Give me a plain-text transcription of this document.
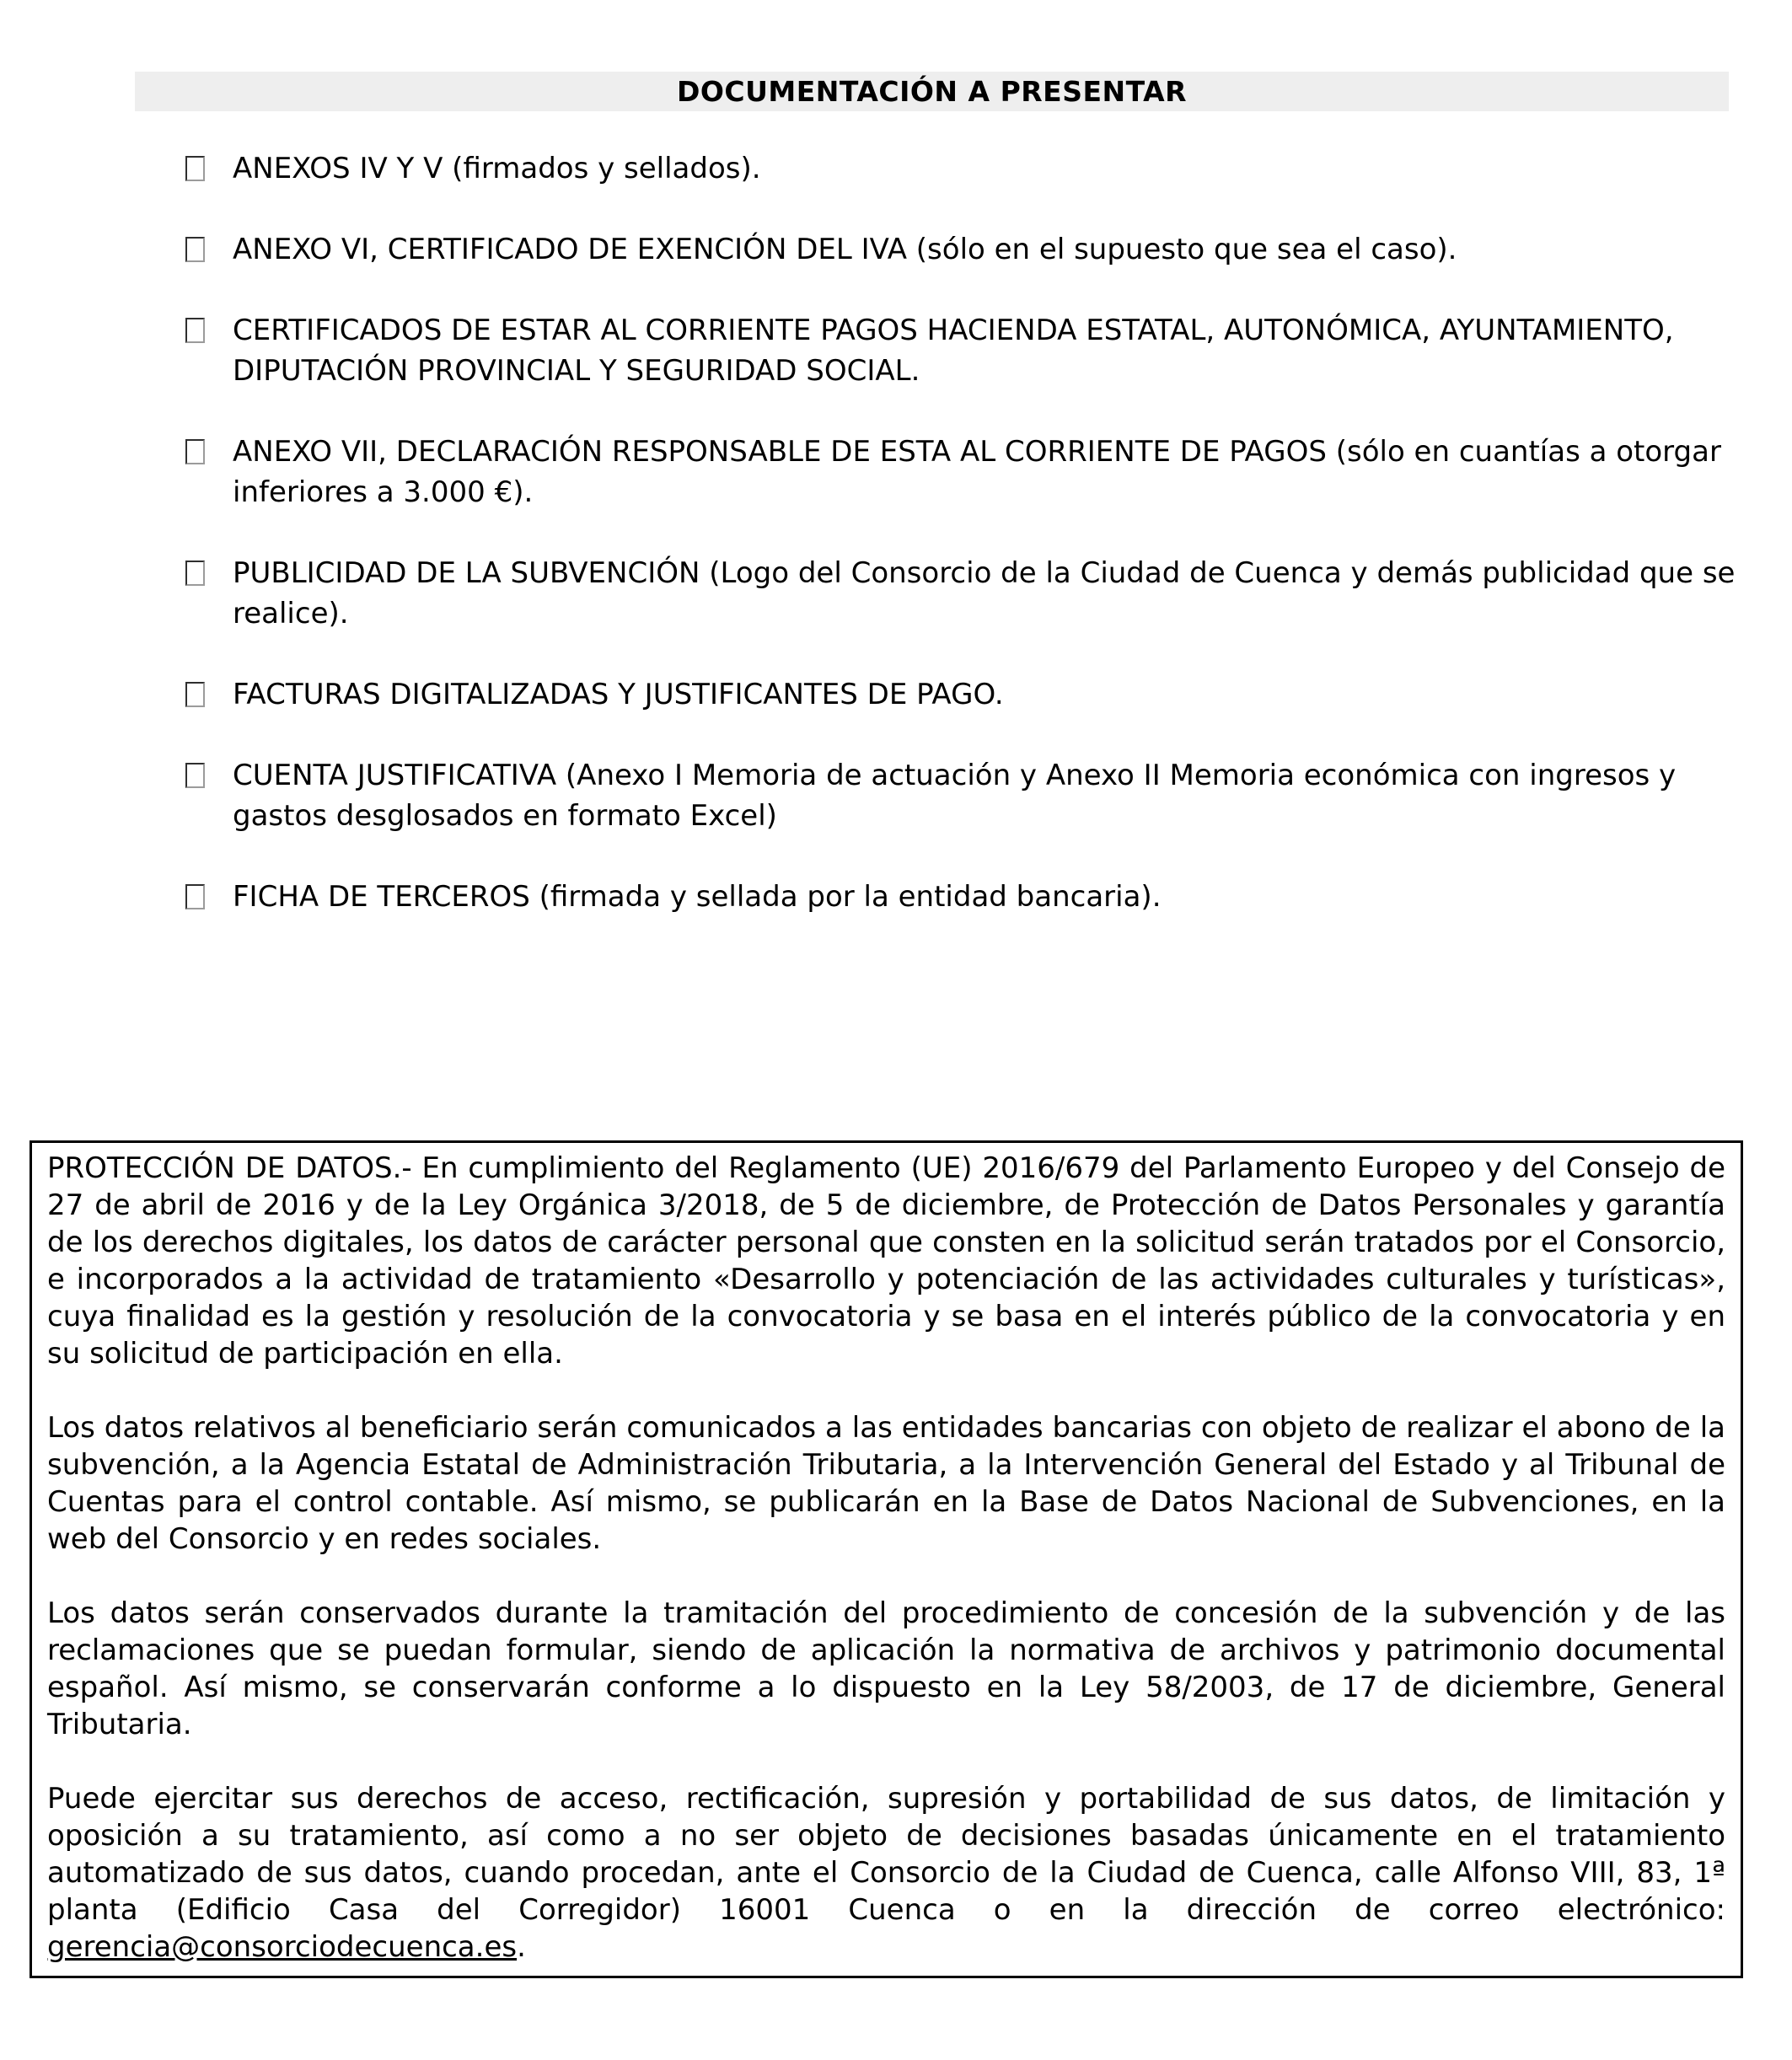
DOCUMENTACIÓN A PRESENTAR
ANEXOS IV Y V (firmados y sellados).
ANEXO VI, CERTIFICADO DE EXENCIÓN DEL IVA (sólo en el supuesto que sea el caso).
CERTIFICADOS DE ESTAR AL CORRIENTE PAGOS HACIENDA ESTATAL, AUTONÓMICA, AYUNTAMIENTO, DIPUTACIÓN PROVINCIAL Y SEGURIDAD SOCIAL.
ANEXO VII, DECLARACIÓN RESPONSABLE DE ESTA AL CORRIENTE DE PAGOS (sólo en cuantías a otorgar inferiores a 3.000 €).
PUBLICIDAD DE LA SUBVENCIÓN (Logo del Consorcio de la Ciudad de Cuenca y demás publicidad que se realice).
FACTURAS DIGITALIZADAS Y JUSTIFICANTES DE PAGO.
CUENTA JUSTIFICATIVA (Anexo I Memoria de actuación y Anexo II Memoria económica con ingresos y gastos desglosados en formato Excel)
FICHA DE TERCEROS (firmada y sellada por la entidad bancaria).

PROTECCIÓN DE DATOS.- En cumplimiento del Reglamento (UE) 2016/679 del Parlamento Europeo y del Consejo de 27 de abril de 2016 y de la Ley Orgánica 3/2018, de 5 de diciembre, de Protección de Datos Personales y garantía de los derechos digitales, los datos de carácter personal que consten en la solicitud serán tratados por el Consorcio, e incorporados a la actividad de tratamiento «Desarrollo y potenciación de las actividades culturales y turísticas», cuya finalidad es la gestión y resolución de la convocatoria y se basa en el interés público de la convocatoria y en su solicitud de participación en ella.

Los datos relativos al beneficiario serán comunicados a las entidades bancarias con objeto de realizar el abono de la subvención, a la Agencia Estatal de Administración Tributaria, a la Intervención General del Estado y al Tribunal de Cuentas para el control contable. Así mismo, se publicarán en la Base de Datos Nacional de Subvenciones, en la web del Consorcio y en redes sociales.

Los datos serán conservados durante la tramitación del procedimiento de concesión de la subvención y de las reclamaciones que se puedan formular, siendo de aplicación la normativa de archivos y patrimonio documental español. Así mismo, se conservarán conforme a lo dispuesto en la Ley 58/2003, de 17 de diciembre, General Tributaria.

Puede ejercitar sus derechos de acceso, rectificación, supresión y portabilidad de sus datos, de limitación y oposición a su tratamiento, así como a no ser objeto de decisiones basadas únicamente en el tratamiento automatizado de sus datos, cuando procedan, ante el Consorcio de la Ciudad de Cuenca, calle Alfonso VIII, 83, 1ª planta (Edificio Casa del Corregidor) 16001 Cuenca o en la dirección de correo electrónico: gerencia@consorciodecuenca.es.
